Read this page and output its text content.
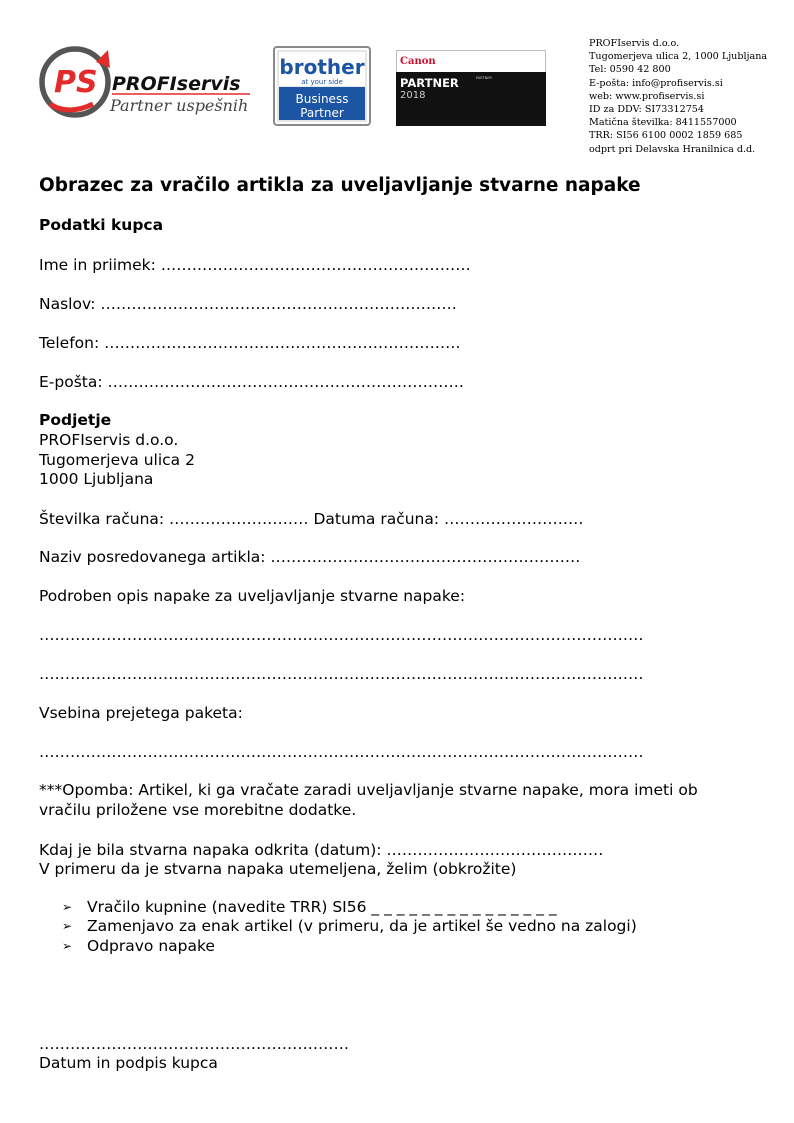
PS PROFIservis
Partner uspešnih
brother
at your side
Business
Partner
Canon
PARTNER	PARTNER
2018
PROFIservis d.o.o.
Tugomerjeva ulica 2, 1000 Ljubljana
Tel: 0590 42 800
E-pošta: info@profiservis.si
web: www.profiservis.si
ID za DDV: SI73312754
Matična številka: 8411557000
TRR: SI56 6100 0002 1859 685
odprt pri Delavska Hranilnica d.d.
Obrazec za vračilo artikla za uveljavljanje stvarne napake
Podatki kupca
Ime in priimek: ……………………………………………………
Naslov: ……………………………………………………………
Telefon: ……………………………………………………………
E-pošta: ……………………………………………………………
Podjetje
PROFIservis d.o.o.
Tugomerjeva ulica 2
1000 Ljubljana
Številka računa: ……………………… Datuma računa: ………………………
Naziv posredovanega artikla: ……………………………………………………
Podroben opis napake za uveljavljanje stvarne napake:
………………………………………………………………………………………………………
………………………………………………………………………………………………………
Vsebina prejetega paketa:
………………………………………………………………………………………………………
***Opomba: Artikel, ki ga vračate zaradi uveljavljanje stvarne napake, mora imeti ob vračilu priložene vse morebitne dodatke.
Kdaj je bila stvarna napaka odkrita (datum): ……………………………………
V primeru da je stvarna napaka utemeljena, želim (obkrožite)
➢ Vračilo kupnine (navedite TRR) SI56 _ _ _ _ _ _ _ _ _ _ _ _ _ _ _
➢ Zamenjavo za enak artikel (v primeru, da je artikel še vedno na zalogi)
➢ Odpravo napake
……………………………………………………
Datum in podpis kupca
